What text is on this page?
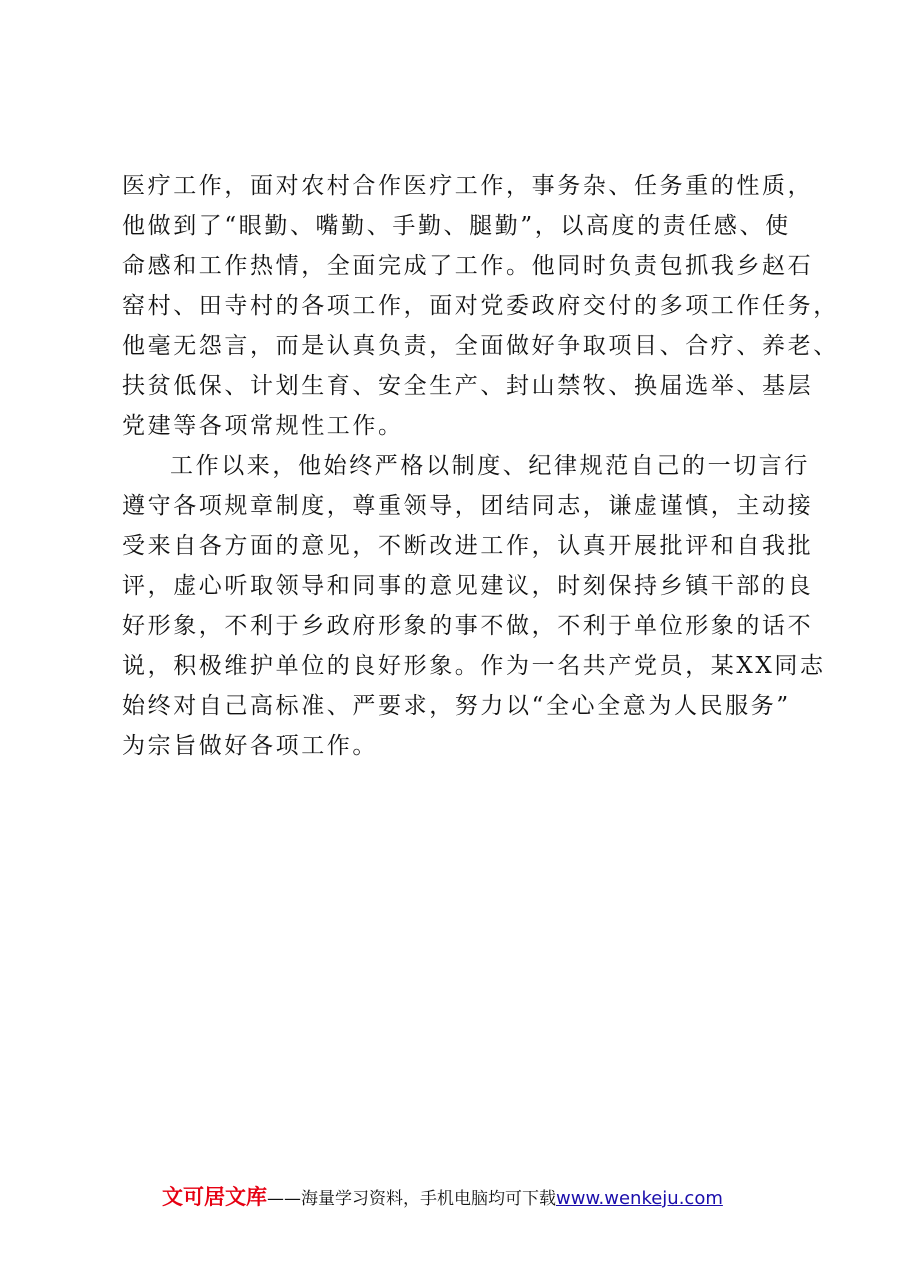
医疗工作，面对农村合作医疗工作，事务杂、任务重的性质，
他做到了“眼勤、嘴勤、手勤、腿勤”，以高度的责任感、使
命感和工作热情，全面完成了工作。他同时负责包抓我乡赵石
窑村、田寺村的各项工作，面对党委政府交付的多项工作任务，
他毫无怨言，而是认真负责，全面做好争取项目、合疗、养老、
扶贫低保、计划生育、安全生产、封山禁牧、换届选举、基层
党建等各项常规性工作。
工作以来，他始终严格以制度、纪律规范自己的一切言行
遵守各项规章制度，尊重领导，团结同志，谦虚谨慎，主动接
受来自各方面的意见，不断改进工作，认真开展批评和自我批
评，虚心听取领导和同事的意见建议，时刻保持乡镇干部的良
好形象，不利于乡政府形象的事不做，不利于单位形象的话不
说，积极维护单位的良好形象。作为一名共产党员，某XX同志
始终对自己高标准、严要求，努力以“全心全意为人民服务”
为宗旨做好各项工作。
文可居文库——海量学习资料，手机电脑均可下载www.wenkeju.com
